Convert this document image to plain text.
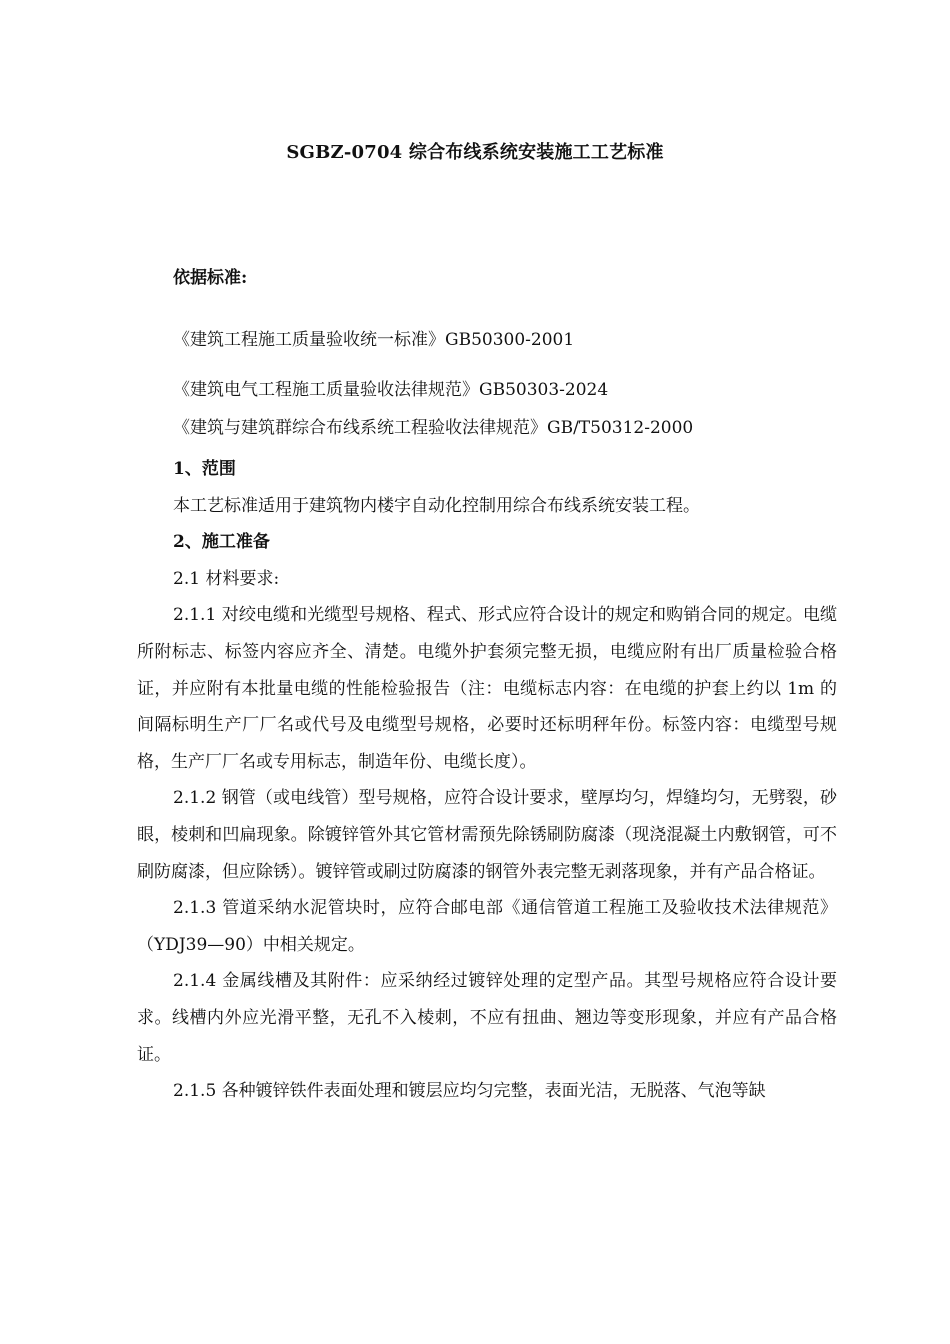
SGBZ-0704 综合布线系统安装施工工艺标准
依据标准:
《建筑工程施工质量验收统一标准》GB50300-2001
《建筑电气工程施工质量验收法律规范》GB50303-2024
《建筑与建筑群综合布线系统工程验收法律规范》GB/T50312-2000
1、范围

本工艺标准适用于建筑物内楼宇自动化控制用综合布线系统安装工程。

2、施工准备

2.1 材料要求:

2.1.1 对绞电缆和光缆型号规格、程式、形式应符合设计的规定和购销合同的规定。电缆所附标志、标签内容应齐全、清楚。电缆外护套须完整无损，电缆应附有出厂质量检验合格证，并应附有本批量电缆的性能检验报告（注：电缆标志内容：在电缆的护套上约以 1m 的间隔标明生产厂厂名或代号及电缆型号规格，必要时还标明秤年份。标签内容：电缆型号规格，生产厂厂名或专用标志，制造年份、电缆长度）。

2.1.2 钢管（或电线管）型号规格，应符合设计要求，壁厚均匀，焊缝均匀，无劈裂，砂眼，棱刺和凹扁现象。除镀锌管外其它管材需预先除锈刷防腐漆（现浇混凝土内敷钢管，可不刷防腐漆，但应除锈）。镀锌管或刷过防腐漆的钢管外表完整无剥落现象，并有产品合格证。

2.1.3 管道采纳水泥管块时，应符合邮电部《通信管道工程施工及验收技术法律规范》（YDJ39—90）中相关规定。

2.1.4 金属线槽及其附件：应采纳经过镀锌处理的定型产品。其型号规格应符合设计要求。线槽内外应光滑平整，无孔不入棱刺，不应有扭曲、翘边等变形现象，并应有产品合格证。

2.1.5 各种镀锌铁件表面处理和镀层应均匀完整，表面光洁，无脱落、气泡等缺
